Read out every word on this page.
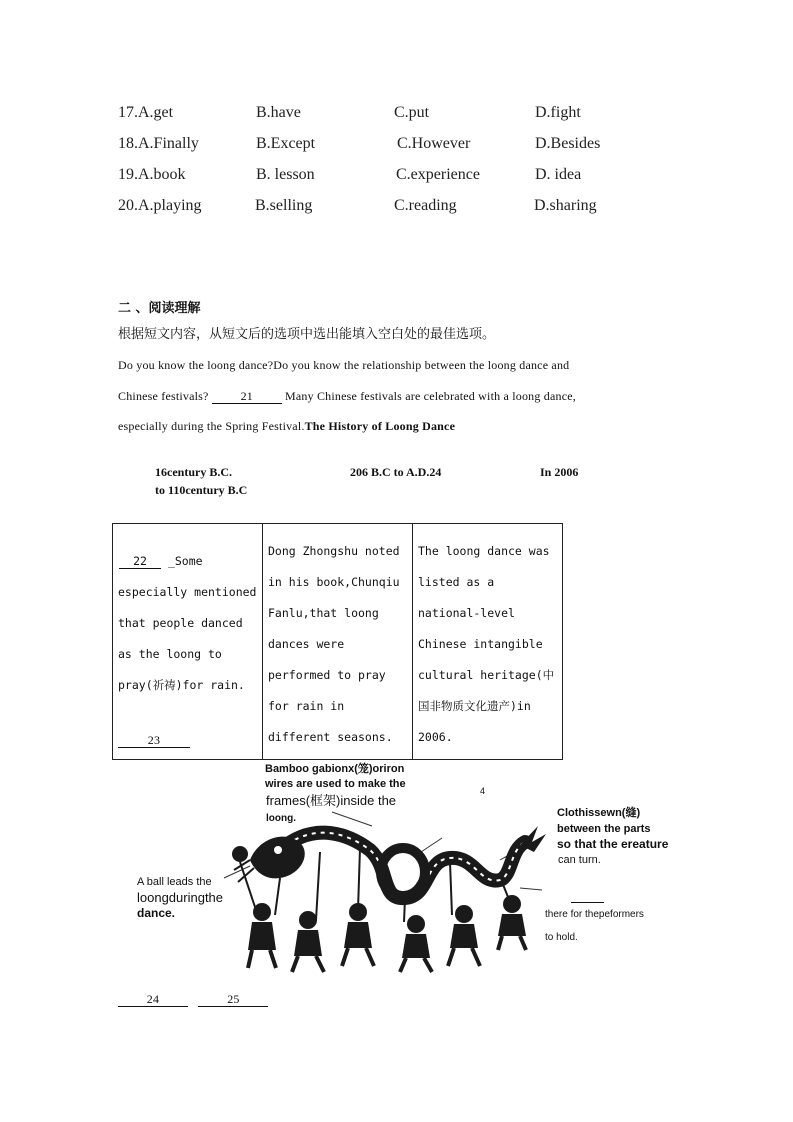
17.A.get	B.have	C.put	D.fight
18.A.Finally	B.Except	C.However	D.Besides
19.A.book	B. lesson	C.experience	D. idea
20.A.playing	B.selling	C.reading	D.sharing
二 、阅读理解
根据短文内容，从短文后的选项中选出能填入空白处的最佳选项。
Do you know the loong dance?Do you know the relationship between the loong dance and
Chinese festivals?	21	Many Chinese festivals are celebrated with a loong dance,
especially during the Spring Festival.The History of Loong Dance
16century B.C.
to 110century B.C
206 B.C to A.D.24	In 2006
22 _Some especially mentioned that people danced as the loong to pray(祈祷)for rain.	Dong Zhongshu noted in his book,Chunqiu Fanlu,that loong dances were performed to pray for rain in different seasons.	The loong dance was listed as a national-level Chinese intangible cultural heritage(中国非物质文化遗产)in 2006.
23
Bamboo gabionx(笼)oriron
wires are used to make the
frames(框架)inside the
loong.
4
Clothissewn(缝)
between the parts
so that the ereature
can turn.
A ball leads the
loongduringthe
dance.	there for thepeformers
to hold.
24	25
